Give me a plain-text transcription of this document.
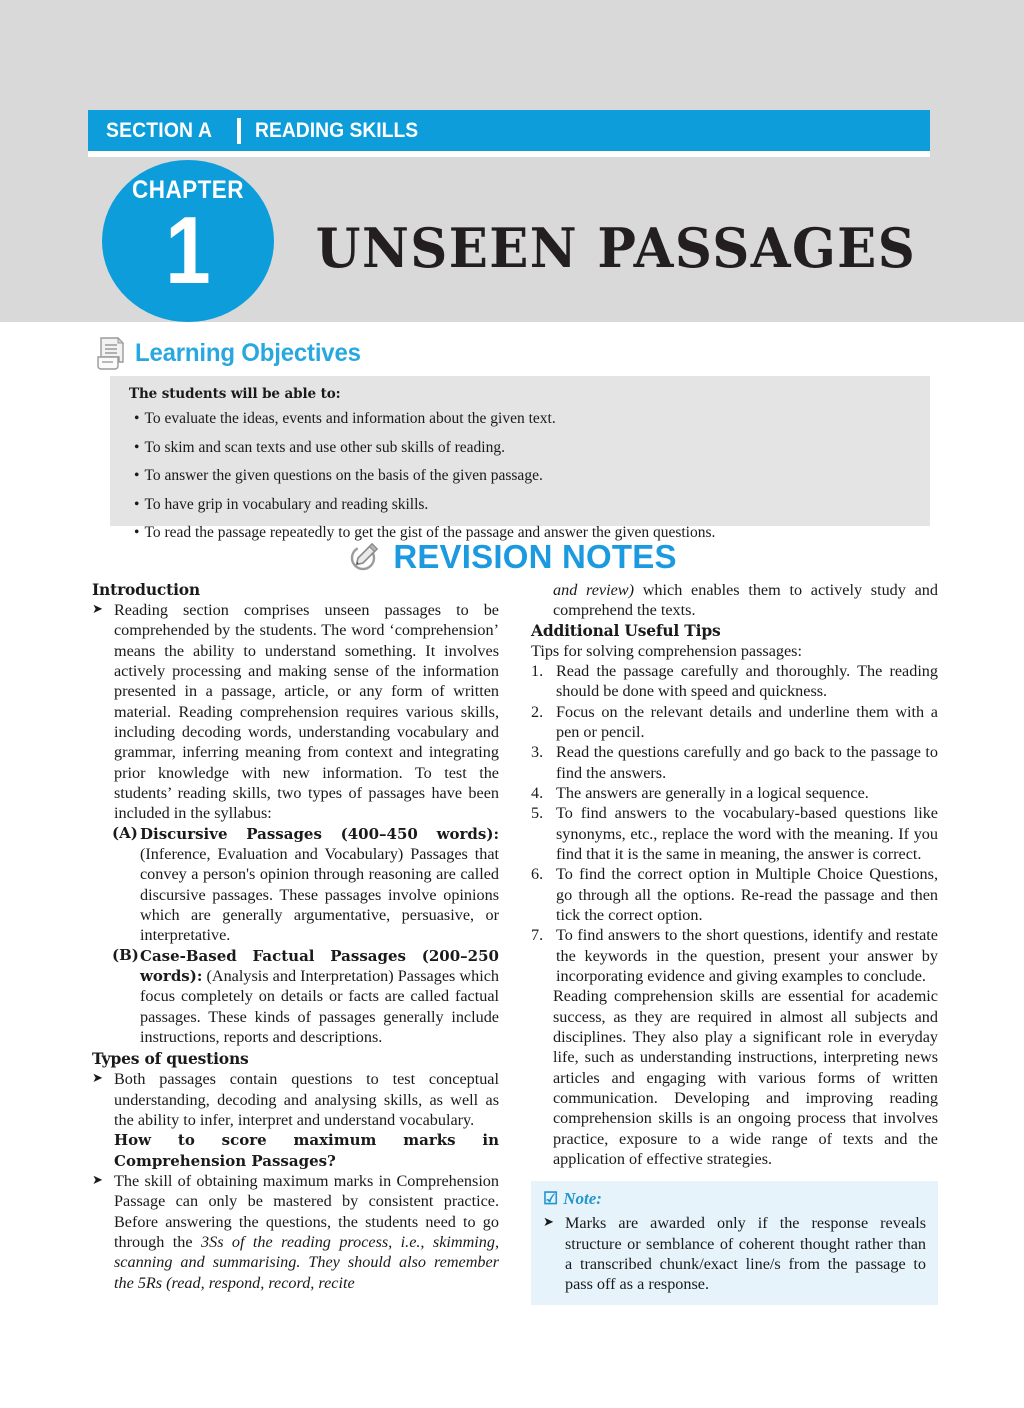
SECTION A READING SKILLS
CHAPTER
1	UNSEEN PASSAGES
Learning Objectives
The students will be able to:
• To evaluate the ideas, events and information about the given text.
• To skim and scan texts and use other sub skills of reading.
• To answer the given questions on the basis of the given passage.
• To have grip in vocabulary and reading skills.
• To read the passage repeatedly to get the gist of the passage and answer the given questions.
REVISION NOTES
Introduction

➤ Reading section comprises unseen passages to be comprehended by the students. The word ‘comprehension’ means the ability to understand something. It involves actively processing and making sense of the information presented in a passage, article, or any form of written material. Reading comprehension requires various skills, including decoding words, understanding vocabulary and grammar, inferring meaning from context and integrating prior knowledge with new information. To test the students’ reading skills, two types of passages have been included in the syllabus:

(A) Discursive Passages (400–450 words): (Inference, Evaluation and Vocabulary) Passages that convey a person's opinion through reasoning are called discursive passages. These passages involve opinions which are generally argumentative, persuasive, or interpretative.

(B) Case-Based Factual Passages (200–250 words): (Analysis and Interpretation) Passages which focus completely on details or facts are called factual passages. These kinds of passages generally include instructions, reports and descriptions.

Types of questions

➤ Both passages contain questions to test conceptual understanding, decoding and analysing skills, as well as the ability to infer, interpret and understand vocabulary.

How to score maximum marks in Comprehension Passages?

➤ The skill of obtaining maximum marks in Comprehension Passage can only be mastered by consistent practice. Before answering the questions, the students need to go through the 3Ss of the reading process, i.e., skimming, scanning and summarising. They should also remember the 5Rs (read, respond, record, recite

and review) which enables them to actively study and comprehend the texts.

Additional Useful Tips

Tips for solving comprehension passages:

1. Read the passage carefully and thoroughly. The reading should be done with speed and quickness.

2. Focus on the relevant details and underline them with a pen or pencil.

3. Read the questions carefully and go back to the passage to find the answers.

4. The answers are generally in a logical sequence.

5. To find answers to the vocabulary-based questions like synonyms, etc., replace the word with the meaning. If you find that it is the same in meaning, the answer is correct.

6. To find the correct option in Multiple Choice Questions, go through all the options. Re-read the passage and then tick the correct option.

7. To find answers to the short questions, identify and restate the keywords in the question, present your answer by incorporating evidence and giving examples to conclude.

Reading comprehension skills are essential for academic success, as they are required in almost all subjects and disciplines. They also play a significant role in everyday life, such as understanding instructions, interpreting news articles and engaging with various forms of written communication. Developing and improving reading comprehension skills is an ongoing process that involves practice, exposure to a wide range of texts and the application of effective strategies.

☑ Note:

➤ Marks are awarded only if the response reveals structure or semblance of coherent thought rather than a transcribed chunk/exact line/s from the passage to pass off as a response.
